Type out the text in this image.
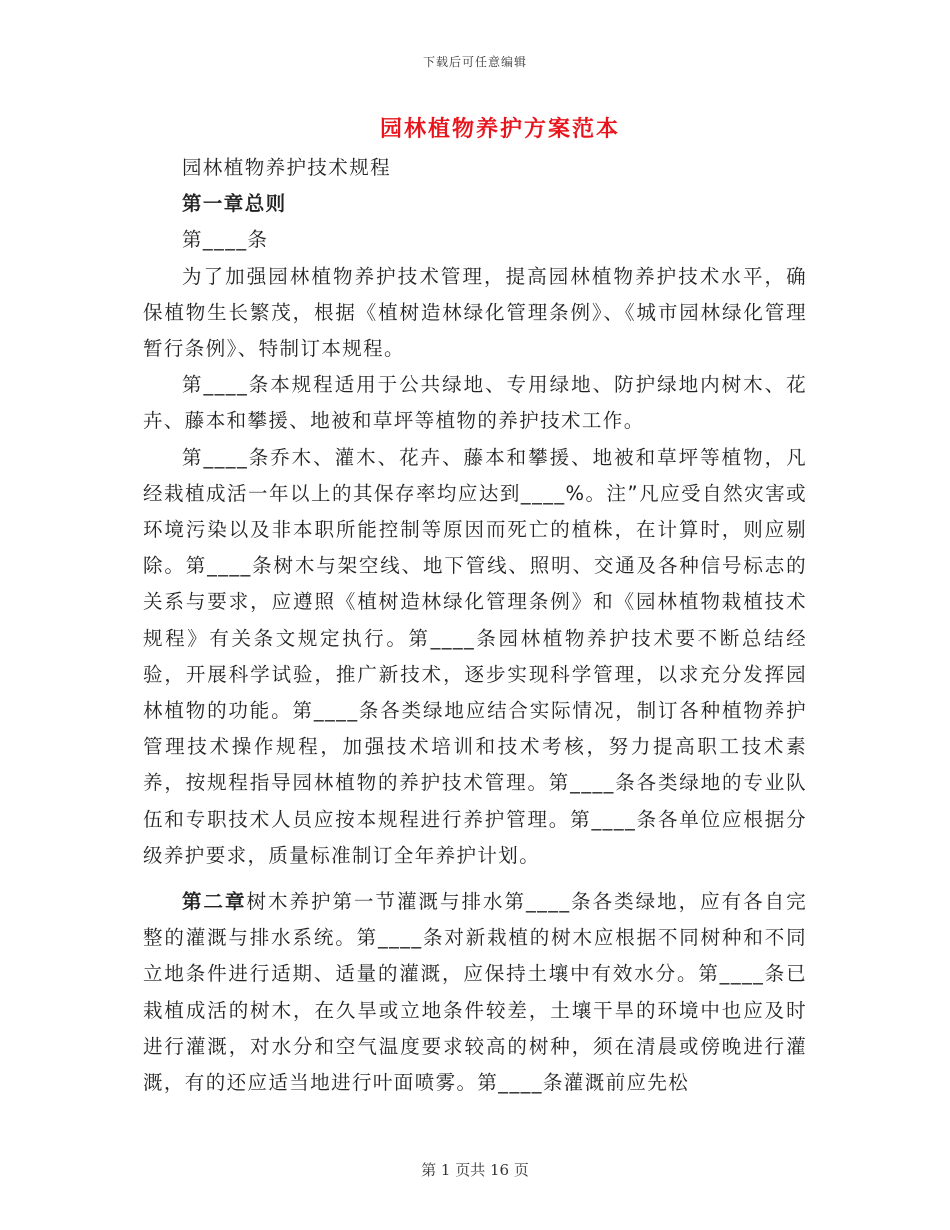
下载后可任意编辑
园林植物养护方案范本

园林植物养护技术规程

第一章总则

第____条

为了加强园林植物养护技术管理，提高园林植物养护技术水平，确保植物生长繁茂，根据《植树造林绿化管理条例》、《城市园林绿化管理暂行条例》、特制订本规程。

第____条本规程适用于公共绿地、专用绿地、防护绿地内树木、花卉、藤本和攀援、地被和草坪等植物的养护技术工作。

第____条乔木、灌木、花卉、藤本和攀援、地被和草坪等植物，凡经栽植成活一年以上的其保存率均应达到____%。注”凡应受自然灾害或环境污染以及非本职所能控制等原因而死亡的植株，在计算时，则应剔除。第____条树木与架空线、地下管线、照明、交通及各种信号标志的关系与要求，应遵照《植树造林绿化管理条例》和《园林植物栽植技术规程》有关条文规定执行。第____条园林植物养护技术要不断总结经验，开展科学试验，推广新技术，逐步实现科学管理，以求充分发挥园林植物的功能。第____条各类绿地应结合实际情况，制订各种植物养护管理技术操作规程，加强技术培训和技术考核，努力提高职工技术素养，按规程指导园林植物的养护技术管理。第____条各类绿地的专业队伍和专职技术人员应按本规程进行养护管理。第____条各单位应根据分级养护要求，质量标准制订全年养护计划。

第二章树木养护第一节灌溉与排水第____条各类绿地，应有各自完整的灌溉与排水系统。第____条对新栽植的树木应根据不同树种和不同立地条件进行适期、适量的灌溉，应保持土壤中有效水分。第____条已栽植成活的树木，在久旱或立地条件较差，土壤干旱的环境中也应及时进行灌溉，对水分和空气温度要求较高的树种，须在清晨或傍晚进行灌溉，有的还应适当地进行叶面喷雾。第____条灌溉前应先松

第 1 页共 16 页
